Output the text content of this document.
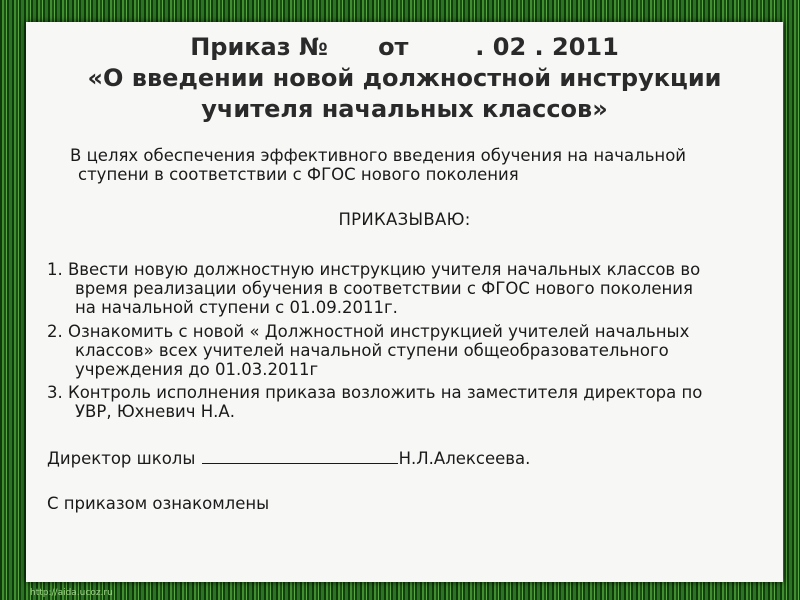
Приказ №      от        . 02 . 2011
«О введении новой должностной инструкции
учителя начальных классов»
В целях обеспечения эффективного введения обучения на начальной
ступени в соответствии с ФГОС нового поколения
ПРИКАЗЫВАЮ:
1. Ввести новую должностную инструкцию учителя начальных классов во
время реализации обучения в соответствии с ФГОС нового поколения
на начальной ступени с 01.09.2011г.
2. Ознакомить с новой « Должностной инструкцией учителей начальных
классов» всех учителей начальной ступени общеобразовательного
учреждения до 01.03.2011г
3. Контроль исполнения приказа возложить на заместителя директора по
УВР, Юхневич Н.А.
Директор школы	Н.Л.Алексеева.
С приказом ознакомлены
http://aida.ucoz.ru
